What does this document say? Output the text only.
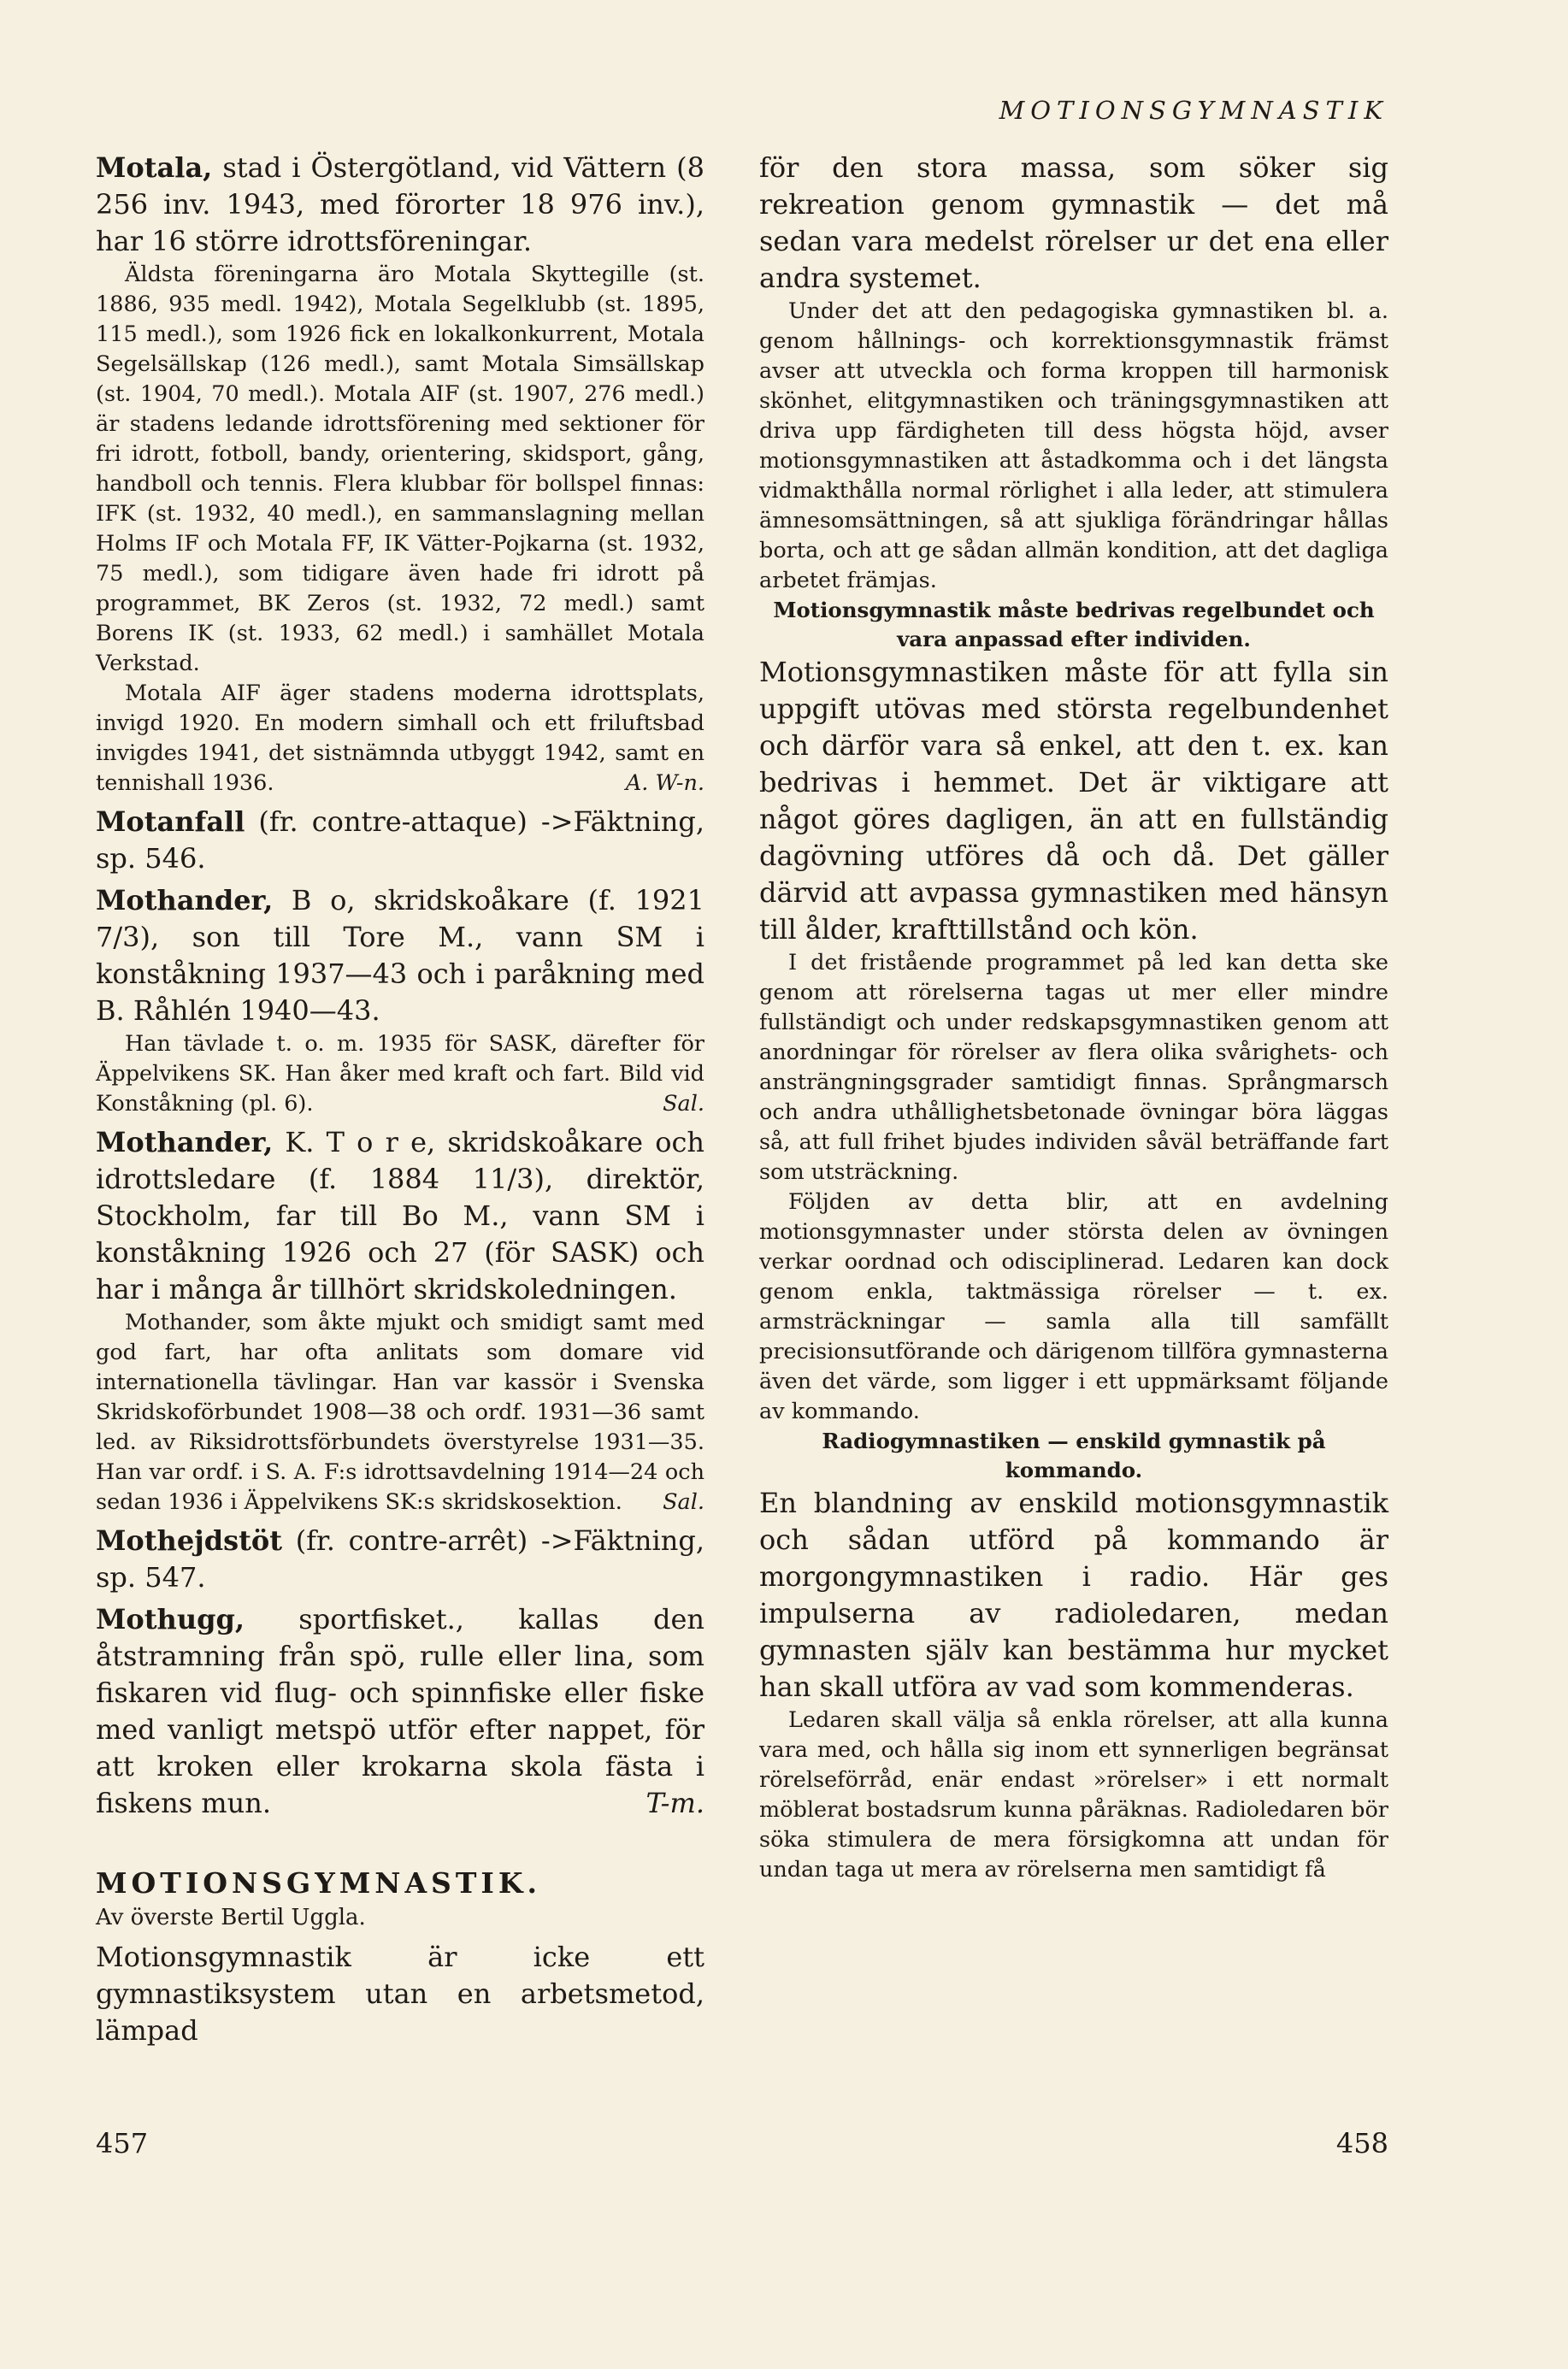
MOTIONSGYMNASTIK

Motala, stad i Östergötland, vid Vättern (8 256 inv. 1943, med förorter 18 976 inv.), har 16 större idrottsföreningar.

Äldsta föreningarna äro Motala Skyttegille (st. 1886, 935 medl. 1942), Motala Segelklubb (st. 1895, 115 medl.), som 1926 fick en lokalkonkurrent, Motala Segelsällskap (126 medl.), samt Motala Simsällskap (st. 1904, 70 medl.). Motala AIF (st. 1907, 276 medl.) är stadens ledande idrottsförening med sektioner för fri idrott, fotboll, bandy, orientering, skidsport, gång, handboll och tennis. Flera klubbar för bollspel finnas: IFK (st. 1932, 40 medl.), en sammanslagning mellan Holms IF och Motala FF, IK Vätter-Pojkarna (st. 1932, 75 medl.), som tidigare även hade fri idrott på programmet, BK Zeros (st. 1932, 72 medl.) samt Borens IK (st. 1933, 62 medl.) i samhället Motala Verkstad.

Motala AIF äger stadens moderna idrottsplats, invigd 1920. En modern simhall och ett friluftsbad invigdes 1941, det sistnämnda utbyggt 1942, samt en tennishall 1936.	A. W-n.

Motanfall (fr. contre-attaque) ->Fäktning, sp. 546.

Mothander, B o, skridskoåkare (f. 1921 7/3), son till Tore M., vann SM i konståkning 1937—43 och i paråkning med B. Råhlén 1940—43.

Han tävlade t. o. m. 1935 för SASK, därefter för Äppelvikens SK. Han åker med kraft och fart. Bild vid Konståkning (pl. 6).	Sal.

Mothander, K. T o r e, skridskoåkare och idrottsledare (f. 1884 11/3), direktör, Stockholm, far till Bo M., vann SM i konståkning 1926 och 27 (för SASK) och har i många år tillhört skridskoledningen.

Mothander, som åkte mjukt och smidigt samt med god fart, har ofta anlitats som domare vid internationella tävlingar. Han var kassör i Svenska Skridskoförbundet 1908—38 och ordf. 1931—36 samt led. av Riksidrottsförbundets överstyrelse 1931—35. Han var ordf. i S. A. F:s idrottsavdelning 1914—24 och sedan 1936 i Äppelvikens SK:s skridskosektion.	Sal.

Mothejdstöt (fr. contre-arrêt) ->Fäktning, sp. 547.

Mothugg, sportfisket., kallas den åtstramning från spö, rulle eller lina, som fiskaren vid flug- och spinnfiske eller fiske med vanligt metspö utför efter nappet, för att kroken eller krokarna skola fästa i fiskens mun.	T-m.

MOTIONSGYMNASTIK.
Av överste Bertil Uggla.

Motionsgymnastik är icke ett gymnastiksystem utan en arbetsmetod, lämpad

för den stora massa, som söker sig rekreation genom gymnastik — det må sedan vara medelst rörelser ur det ena eller andra systemet.

Under det att den pedagogiska gymnastiken bl. a. genom hållnings- och korrektionsgymnastik främst avser att utveckla och forma kroppen till harmonisk skönhet, elitgymnastiken och träningsgymnastiken att driva upp färdigheten till dess högsta höjd, avser motionsgymnastiken att åstadkomma och i det längsta vidmakthålla normal rörlighet i alla leder, att stimulera ämnesomsättningen, så att sjukliga förändringar hållas borta, och att ge sådan allmän kondition, att det dagliga arbetet främjas.

Motionsgymnastik måste bedrivas regelbundet och vara anpassad efter individen.

Motionsgymnastiken måste för att fylla sin uppgift utövas med största regelbundenhet och därför vara så enkel, att den t. ex. kan bedrivas i hemmet. Det är viktigare att något göres dagligen, än att en fullständig dagövning utföres då och då. Det gäller därvid att avpassa gymnastiken med hänsyn till ålder, krafttillstånd och kön.

I det fristående programmet på led kan detta ske genom att rörelserna tagas ut mer eller mindre fullständigt och under redskapsgymnastiken genom att anordningar för rörelser av flera olika svårighets- och ansträngningsgrader samtidigt finnas. Språngmarsch och andra uthållighetsbetonade övningar böra läggas så, att full frihet bjudes individen såväl beträffande fart som utsträckning.

Följden av detta blir, att en avdelning motionsgymnaster under största delen av övningen verkar oordnad och odisciplinerad. Ledaren kan dock genom enkla, taktmässiga rörelser — t. ex. armsträckningar — samla alla till samfällt precisionsutförande och därigenom tillföra gymnasterna även det värde, som ligger i ett uppmärksamt följande av kommando.

Radiogymnastiken — enskild gymnastik på kommando.

En blandning av enskild motionsgymnastik och sådan utförd på kommando är morgongymnastiken i radio. Här ges impulserna av radioledaren, medan gymnasten själv kan bestämma hur mycket han skall utföra av vad som kommenderas.

Ledaren skall välja så enkla rörelser, att alla kunna vara med, och hålla sig inom ett synnerligen begränsat rörelseförråd, enär endast »rörelser» i ett normalt möblerat bostadsrum kunna påräknas. Radioledaren bör söka stimulera de mera försigkomna att undan för undan taga ut mera av rörelserna men samtidigt få

457	458
